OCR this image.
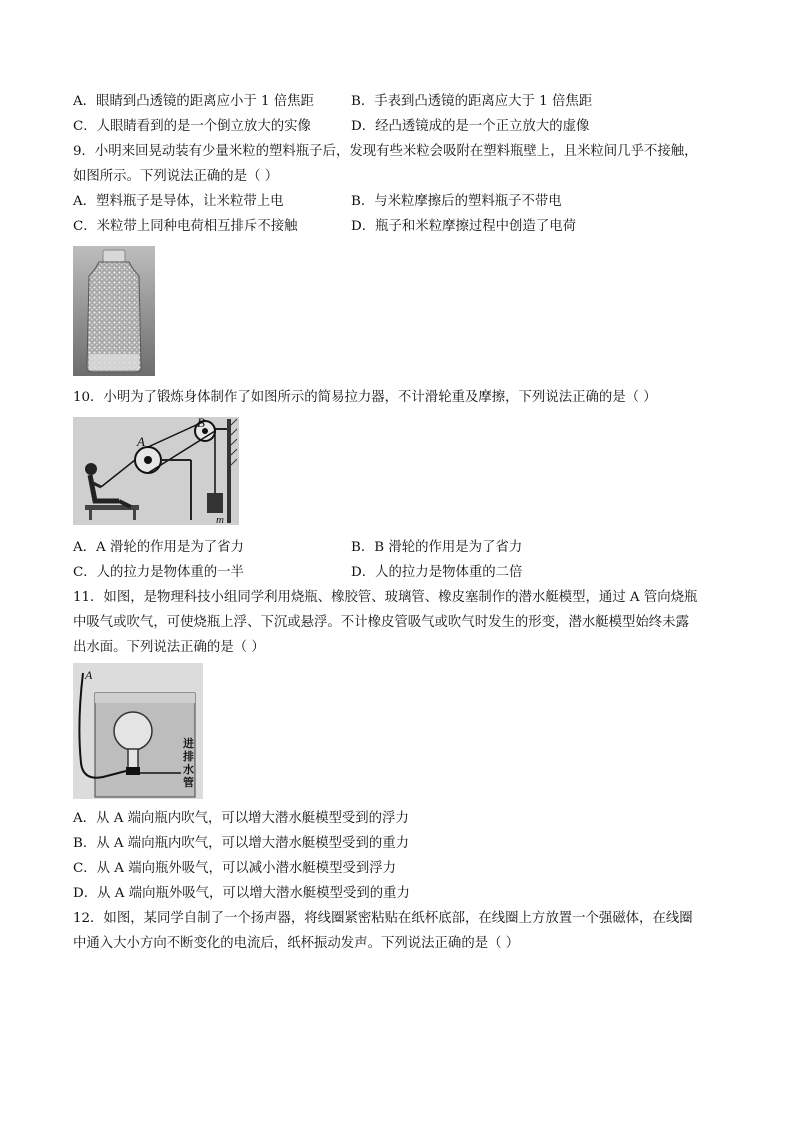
A．眼睛到凸透镜的距离应小于 1 倍焦距	B．手表到凸透镜的距离应大于 1 倍焦距
C．人眼睛看到的是一个倒立放大的实像	D．经凸透镜成的是一个正立放大的虚像
9．小明来回晃动装有少量米粒的塑料瓶子后，发现有些米粒会吸附在塑料瓶壁上，且米粒间几乎不接触，
如图所示。下列说法正确的是（ ）
A．塑料瓶子是导体，让米粒带上电	B．与米粒摩擦后的塑料瓶子不带电
C．米粒带上同种电荷相互排斥不接触	D．瓶子和米粒摩擦过程中创造了电荷
10．小明为了锻炼身体制作了如图所示的简易拉力器，不计滑轮重及摩擦，下列说法正确的是（ ）
A
B
m
A．A 滑轮的作用是为了省力	B．B 滑轮的作用是为了省力
C．人的拉力是物体重的一半	D．人的拉力是物体重的二倍
11．如图，是物理科技小组同学利用烧瓶、橡胶管、玻璃管、橡皮塞制作的潜水艇模型，通过 A 管向烧瓶
中吸气或吹气，可使烧瓶上浮、下沉或悬浮。不计橡皮管吸气或吹气时发生的形变，潜水艇模型始终未露
出水面。下列说法正确的是（ ）
A
进
排
水
管
A．从 A 端向瓶内吹气，可以增大潜水艇模型受到的浮力
B．从 A 端向瓶内吹气，可以增大潜水艇模型受到的重力
C．从 A 端向瓶外吸气，可以减小潜水艇模型受到浮力
D．从 A 端向瓶外吸气，可以增大潜水艇模型受到的重力
12．如图，某同学自制了一个扬声器，将线圈紧密粘贴在纸杯底部，在线圈上方放置一个强磁体，在线圈
中通入大小方向不断变化的电流后，纸杯振动发声。下列说法正确的是（ ）
